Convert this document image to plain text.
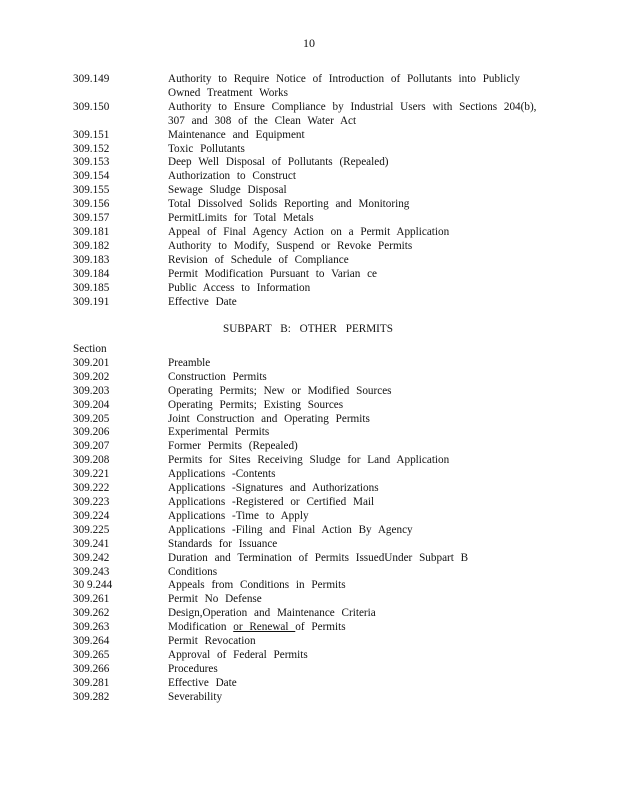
10
309.149	Authority to Require Notice of Introduction of Pollutants into Publicly
Owned Treatment Works
309.150	Authority to Ensure Compliance by Industrial Users with Sections 204(b),
307 and 308 of the Clean Water Act
309.151	Maintenance and Equipment
309.152	Toxic Pollutants
309.153	Deep Well Disposal of Pollutants (Repealed)
309.154	Authorization to Construct
309.155	Sewage Sludge Disposal
309.156	Total Dissolved Solids Reporting and Monitoring
309.157	PermitLimits for Total Metals
309.181	Appeal of Final Agency Action on a Permit Application
309.182	Authority to Modify, Suspend or Revoke Permits
309.183	Revision of Schedule of Compliance
309.184	Permit Modification Pursuant to Varian ce
309.185	Public Access to Information
309.191	Effective Date
SUBPART B: OTHER PERMITS
Section
309.201	Preamble
309.202	Construction Permits
309.203	Operating Permits; New or Modified Sources
309.204	Operating Permits; Existing Sources
309.205	Joint Construction and Operating Permits
309.206	Experimental Permits
309.207	Former Permits (Repealed)
309.208	Permits for Sites Receiving Sludge for Land Application
309.221	Applications -Contents
309.222	Applications -Signatures and Authorizations
309.223	Applications -Registered or Certified Mail
309.224	Applications -Time to Apply
309.225	Applications -Filing and Final Action By Agency
309.241	Standards for Issuance
309.242	Duration and Termination of Permits IssuedUnder Subpart B
309.243	Conditions
30 9.244	Appeals from Conditions in Permits
309.261	Permit No Defense
309.262	Design,Operation and Maintenance Criteria
309.263	Modification or Renewal of Permits
309.264	Permit Revocation
309.265	Approval of Federal Permits
309.266	Procedures
309.281	Effective Date
309.282	Severability
